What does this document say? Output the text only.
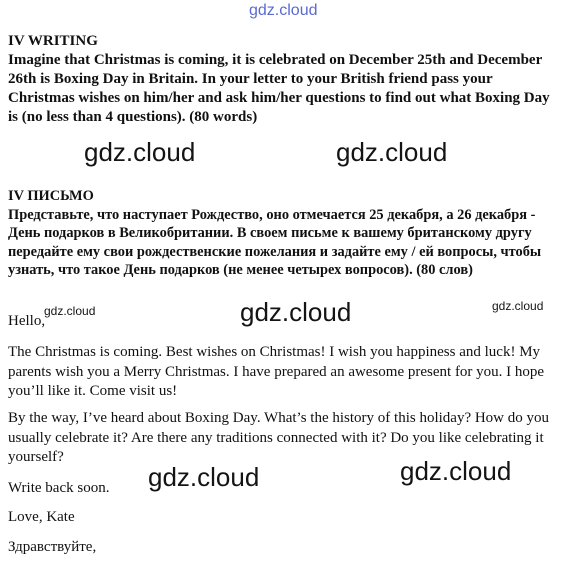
gdz.cloud

IV WRITING
Imagine that Christmas is coming, it is celebrated on December 25th and December 26th is Boxing Day in Britain. In your letter to your British friend pass your Christmas wishes on him/her and ask him/her questions to find out what Boxing Day is (no less than 4 questions). (80 words)

gdz.cloud	gdz.cloud

IV ПИСЬМО
Представьте, что наступает Рождество, оно отмечается 25 декабря, а 26 декабря - День подарков в Великобритании. В своем письме к вашему британскому другу передайте ему свои рождественские пожелания и задайте ему / ей вопросы, чтобы узнать, что такое День подарков (не менее четырех вопросов). (80 слов)

Hello,

gdz.cloud	gdz.cloud	gdz.cloud

The Christmas is coming. Best wishes on Christmas! I wish you happiness and luck! My parents wish you a Merry Christmas. I have prepared an awesome present for you. I hope you’ll like it. Come visit us!

By the way, I’ve heard about Boxing Day. What’s the history of this holiday? How do you usually celebrate it? Are there any traditions connected with it? Do you like celebrating it yourself?

gdz.cloud	gdz.cloud

Write back soon.

Love, Kate

Здравствуйте,
